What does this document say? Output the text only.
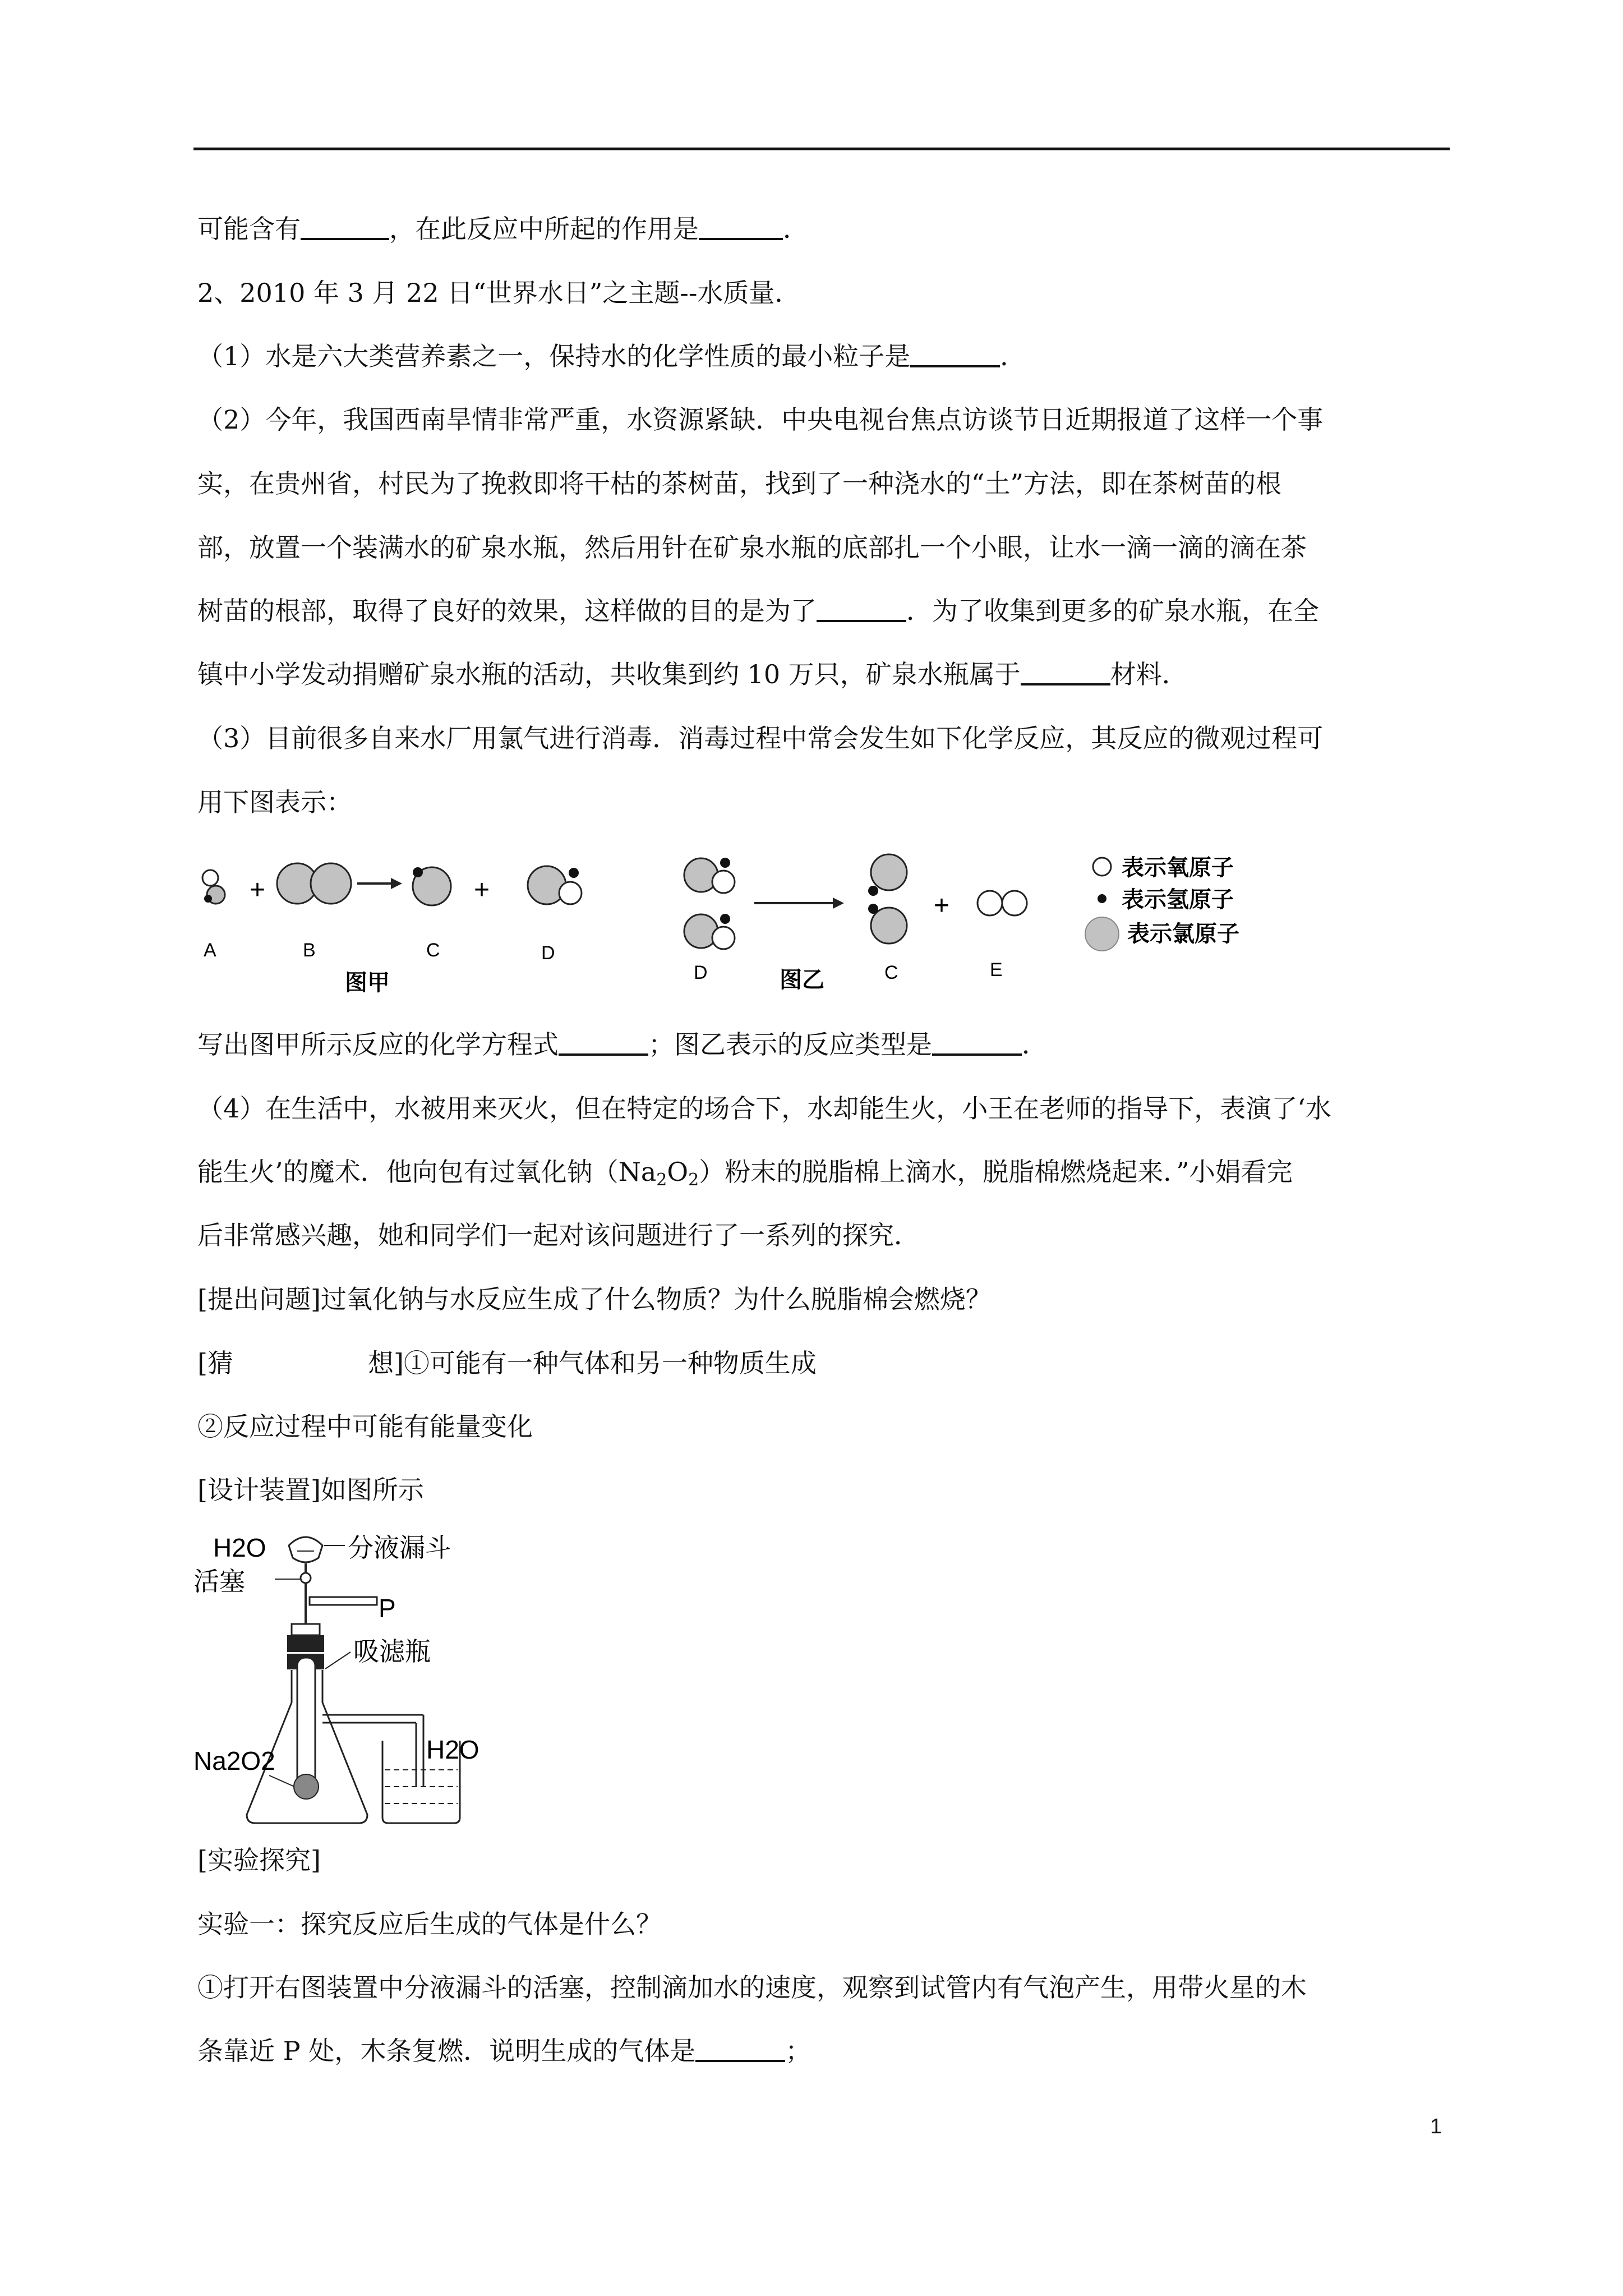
可能含有	，在此反应中所起的作用是	．
2、2010 年 3 月 22 日“世界水日”之主题--水质量．
（1）水是六大类营养素之一，保持水的化学性质的最小粒子是	．
（2）今年，我国西南旱情非常严重，水资源紧缺．中央电视台焦点访谈节日近期报道了这样一个事
实，在贵州省，村民为了挽救即将干枯的茶树苗，找到了一种浇水的“土”方法，即在茶树苗的根
部，放置一个装满水的矿泉水瓶，然后用针在矿泉水瓶的底部扎一个小眼，让水一滴一滴的滴在茶
树苗的根部，取得了良好的效果，这样做的目的是为了	．为了收集到更多的矿泉水瓶，在全
镇中小学发动捐赠矿泉水瓶的活动，共收集到约 10 万只，矿泉水瓶属于	材料．
（3）目前很多自来水厂用氯气进行消毒．消毒过程中常会发生如下化学反应，其反应的微观过程可
用下图表示：
+	+
A	B	C	D
图甲
+
D	C	E
图乙
表示氧原子
表示氢原子
表示氯原子
写出图甲所示反应的化学方程式	；图乙表示的反应类型是	．
（4）在生活中，水被用来灭火，但在特定的场合下，水却能生火，小王在老师的指导下，表演了‘水
能生火’的魔术．他向包有过氧化钠$(Na_2O_2)$粉末的脱脂棉上滴水，脱脂棉燃烧起来．”小娟看完
后非常感兴趣，她和同学们一起对该问题进行了一系列的探究．
[提出问题]过氧化钠与水反应生成了什么物质？为什么脱脂棉会燃烧？
[猜	想]①可能有一种气体和另一种物质生成
②反应过程中可能有能量变化
[设计装置]如图所示
H2O	分液漏斗
活塞
P
吸滤瓶
Na2O2	H2O
[实验探究]
实验一：探究反应后生成的气体是什么？
①打开右图装置中分液漏斗的活塞，控制滴加水的速度，观察到试管内有气泡产生，用带火星的木
条靠近 P 处，木条复燃．说明生成的气体是	；
1
